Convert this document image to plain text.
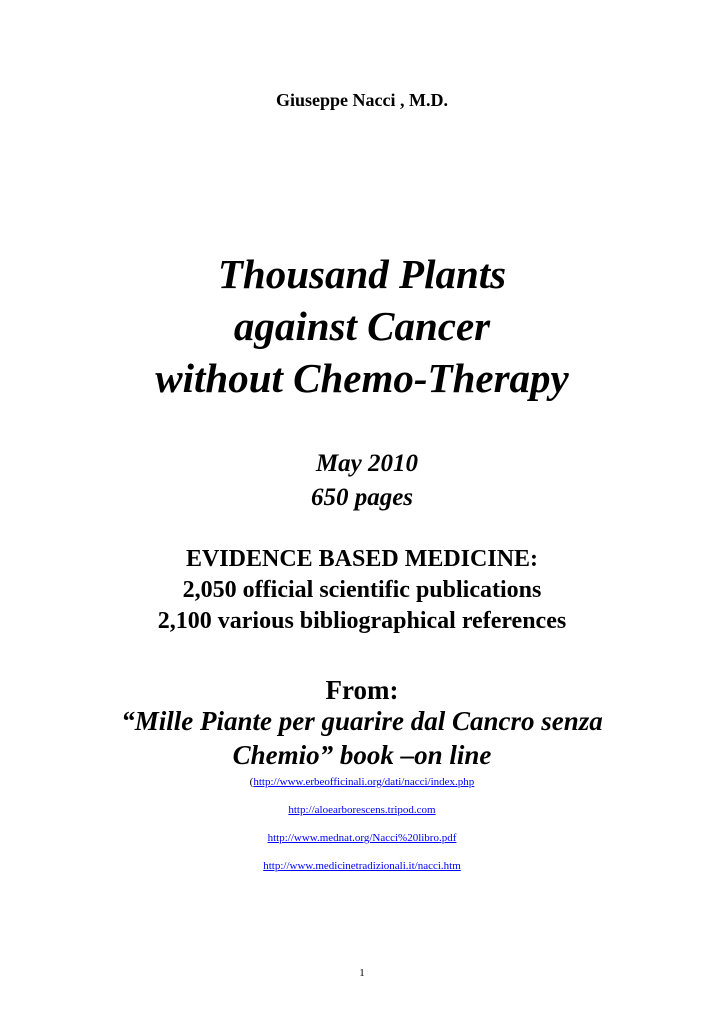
Giuseppe Nacci , M.D.
Thousand Plants
against Cancer
without Chemo-Therapy
May 2010
650 pages
EVIDENCE BASED MEDICINE:
2,050 official scientific publications
2,100 various bibliographical references
From:
“Mille Piante per guarire dal Cancro senza
Chemio” book –on line
(http://www.erbeofficinali.org/dati/nacci/index.php
http://aloearborescens.tripod.com
http://www.mednat.org/Nacci%20libro.pdf
http://www.medicinetradizionali.it/nacci.htm
1
